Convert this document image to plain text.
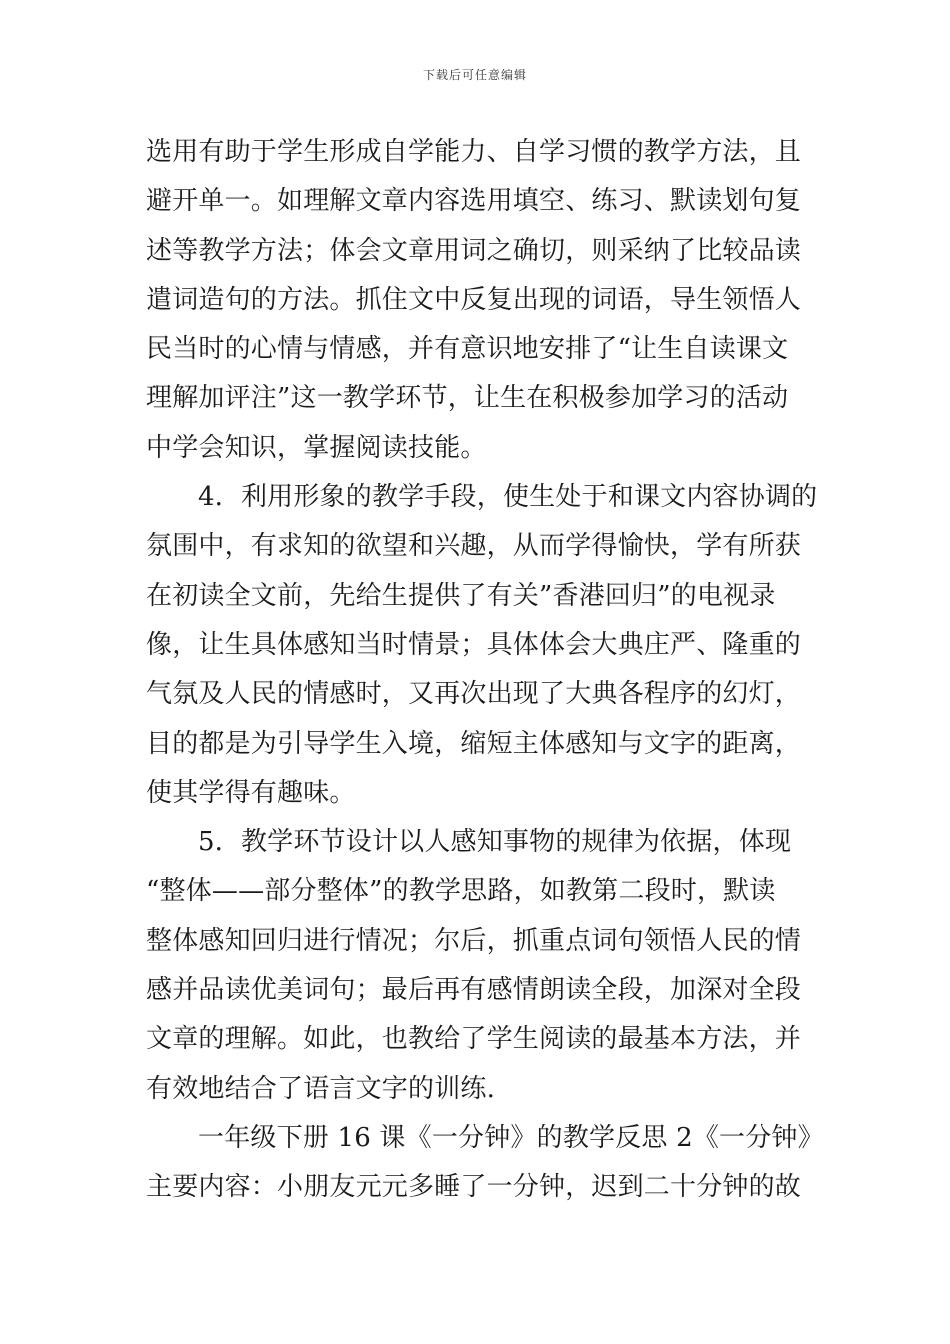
下载后可任意编辑
选用有助于学生形成自学能力、自学习惯的教学方法，且
避开单一。如理解文章内容选用填空、练习、默读划句复
述等教学方法；体会文章用词之确切，则采纳了比较品读
遣词造句的方法。抓住文中反复出现的词语，导生领悟人
民当时的心情与情感，并有意识地安排了“让生自读课文
理解加评注”这一教学环节，让生在积极参加学习的活动
中学会知识，掌握阅读技能。
4．利用形象的教学手段，使生处于和课文内容协调的
氛围中，有求知的欲望和兴趣，从而学得愉快，学有所获
在初读全文前，先给生提供了有关”香港回归”的电视录
像，让生具体感知当时情景；具体体会大典庄严、隆重的
气氛及人民的情感时，又再次出现了大典各程序的幻灯，
目的都是为引导学生入境，缩短主体感知与文字的距离，
使其学得有趣味。
5．教学环节设计以人感知事物的规律为依据，体现
“整体——部分整体”的教学思路，如教第二段时，默读
整体感知回归进行情况；尔后，抓重点词句领悟人民的情
感并品读优美词句；最后再有感情朗读全段，加深对全段
文章的理解。如此，也教给了学生阅读的最基本方法，并
有效地结合了语言文字的训练.
一年级下册 16 课《一分钟》的教学反思 2《一分钟》
主要内容：小朋友元元多睡了一分钟，迟到二十分钟的故
